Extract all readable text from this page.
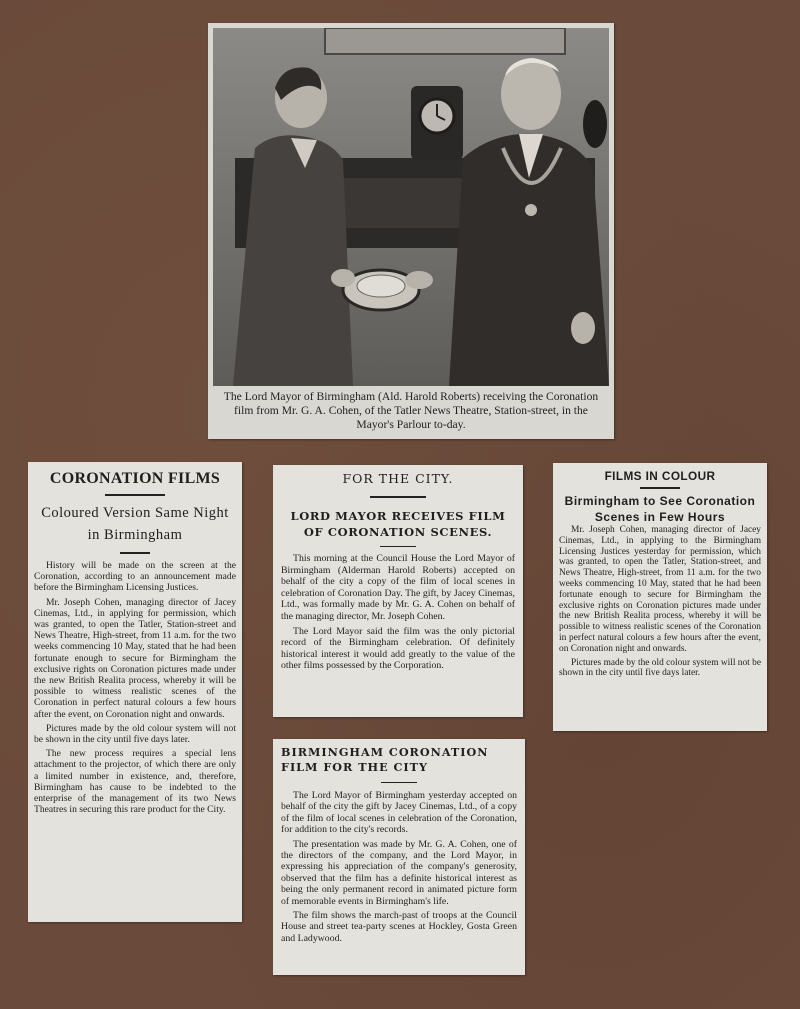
The Lord Mayor of Birmingham (Ald. Harold Roberts) receiving the Coronation film from Mr. G. A. Cohen, of the Tatler News Theatre, Station-street, in the Mayor's Parlour to-day.
CORONATION FILMS
Coloured Version Same Night in Birmingham

History will be made on the screen at the Coronation, according to an announcement made before the Birmingham Licensing Justices.

Mr. Joseph Cohen, managing director of Jacey Cinemas, Ltd., in applying for permission, which was granted, to open the Tatler, Station-street and News Theatre, High-street, from 11 a.m. for the two weeks commencing 10 May, stated that he had been fortunate enough to secure for Birmingham the exclusive rights on Coronation pictures made under the new British Realita process, whereby it will be possible to witness realistic scenes of the Coronation in perfect natural colours a few hours after the event, on Coronation night and onwards.

Pictures made by the old colour system will not be shown in the city until five days later.

The new process requires a special lens attachment to the projector, of which there are only a limited number in existence, and, therefore, Birmingham has cause to be indebted to the enterprise of the management of its two News Theatres in securing this rare product for the City.

FOR THE CITY.
LORD MAYOR RECEIVES FILM OF CORONATION SCENES.

This morning at the Council House the Lord Mayor of Birmingham (Alderman Harold Roberts) accepted on behalf of the city a copy of the film of local scenes in celebration of Coronation Day. The gift, by Jacey Cinemas, Ltd., was formally made by Mr. G. A. Cohen on behalf of the managing director, Mr. Joseph Cohen.

The Lord Mayor said the film was the only pictorial record of the Birmingham celebration. Of definitely historical interest it would add greatly to the value of the other films possessed by the Corporation.

FILMS IN COLOUR
Birmingham to See Coronation Scenes in Few Hours

Mr. Joseph Cohen, managing director of Jacey Cinemas, Ltd., in applying to the Birmingham Licensing Justices yesterday for permission, which was granted, to open the Tatler, Station-street, and News Theatre, High-street, from 11 a.m. for the two weeks commencing 10 May, stated that he had been fortunate enough to secure for Birmingham the exclusive rights on Coronation pictures made under the new British Realita process, whereby it will be possible to witness realistic scenes of the Coronation in perfect natural colours a few hours after the event, on Coronation night and onwards.

Pictures made by the old colour system will not be shown in the city until five days later.

BIRMINGHAM CORONATION FILM FOR THE CITY

The Lord Mayor of Birmingham yesterday accepted on behalf of the city the gift by Jacey Cinemas, Ltd., of a copy of the film of local scenes in celebration of the Coronation, for addition to the city's records.

The presentation was made by Mr. G. A. Cohen, one of the directors of the company, and the Lord Mayor, in expressing his appreciation of the company's generosity, observed that the film has a definite historical interest as being the only permanent record in animated picture form of memorable events in Birmingham's life.

The film shows the march-past of troops at the Council House and street tea-party scenes at Hockley, Gosta Green and Ladywood.
